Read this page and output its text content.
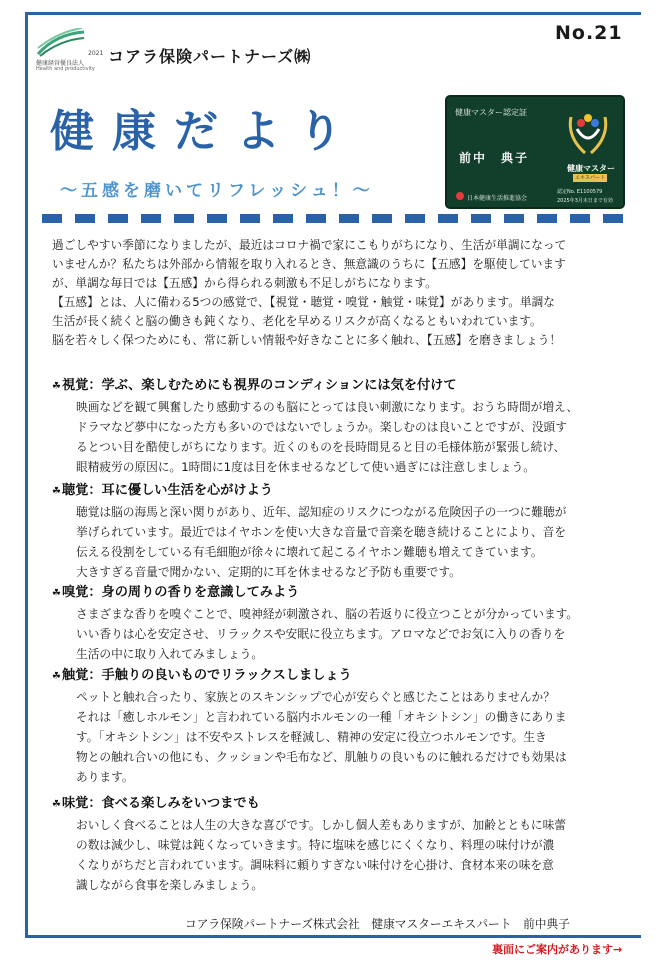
2021
健康経営優良法人
Health and productivity
コアラ保険パートナーズ㈱
No.21
健康だより
～五感を磨いてリフレッシュ！～
健康マスター認定証
前中　典子
健康マスター
エキスパート
認定No. E1100579
2025年3月末日まで有効
日本健康生活推進協会
過ごしやすい季節になりましたが、最近はコロナ禍で家にこもりがちになり、生活が単調になって
いませんか？私たちは外部から情報を取り入れるとき、無意識のうちに【五感】を駆使しています
が、単調な毎日では【五感】から得られる刺激も不足しがちになります。
【五感】とは、人に備わる5つの感覚で、【視覚・聴覚・嗅覚・触覚・味覚】があります。単調な
生活が長く続くと脳の働きも鈍くなり、老化を早めるリスクが高くなるともいわれています。
脳を若々しく保つためにも、常に新しい情報や好きなことに多く触れ、【五感】を磨きましょう！
☘視覚：学ぶ、楽しむためにも視界のコンディションには気を付けて
映画などを観て興奮したり感動するのも脳にとっては良い刺激になります。おうち時間が増え、
ドラマなど夢中になった方も多いのではないでしょうか。楽しむのは良いことですが、没頭す
るとつい目を酷使しがちになります。近くのものを長時間見ると目の毛様体筋が緊張し続け、
眼精疲労の原因に。1時間に1度は目を休ませるなどして使い過ぎには注意しましょう。
☘聴覚：耳に優しい生活を心がけよう
聴覚は脳の海馬と深い関りがあり、近年、認知症のリスクにつながる危険因子の一つに難聴が
挙げられています。最近ではイヤホンを使い大きな音量で音楽を聴き続けることにより、音を
伝える役割をしている有毛細胞が徐々に壊れて起こるイヤホン難聴も増えてきています。
大きすぎる音量で聞かない、定期的に耳を休ませるなど予防も重要です。
☘嗅覚：身の周りの香りを意識してみよう
さまざまな香りを嗅ぐことで、嗅神経が刺激され、脳の若返りに役立つことが分かっています。
いい香りは心を安定させ、リラックスや安眠に役立ちます。アロマなどでお気に入りの香りを
生活の中に取り入れてみましょう。
☘触覚：手触りの良いものでリラックスしましょう
ペットと触れ合ったり、家族とのスキンシップで心が安らぐと感じたことはありませんか？
それは「癒しホルモン」と言われている脳内ホルモンの一種「オキシトシン」の働きにありま
す。「オキシトシン」は不安やストレスを軽減し、精神の安定に役立つホルモンです。生き
物との触れ合いの他にも、クッションや毛布など、肌触りの良いものに触れるだけでも効果は
あります。
☘味覚：食べる楽しみをいつまでも
おいしく食べることは人生の大きな喜びです。しかし個人差もありますが、加齢とともに味蕾
の数は減少し、味覚は鈍くなっていきます。特に塩味を感じにくくなり、料理の味付けが濃
くなりがちだと言われています。調味料に頼りすぎない味付けを心掛け、食材本来の味を意
識しながら食事を楽しみましょう。
コアラ保険パートナーズ株式会社　健康マスターエキスパート　前中典子
裏面にご案内があります→
